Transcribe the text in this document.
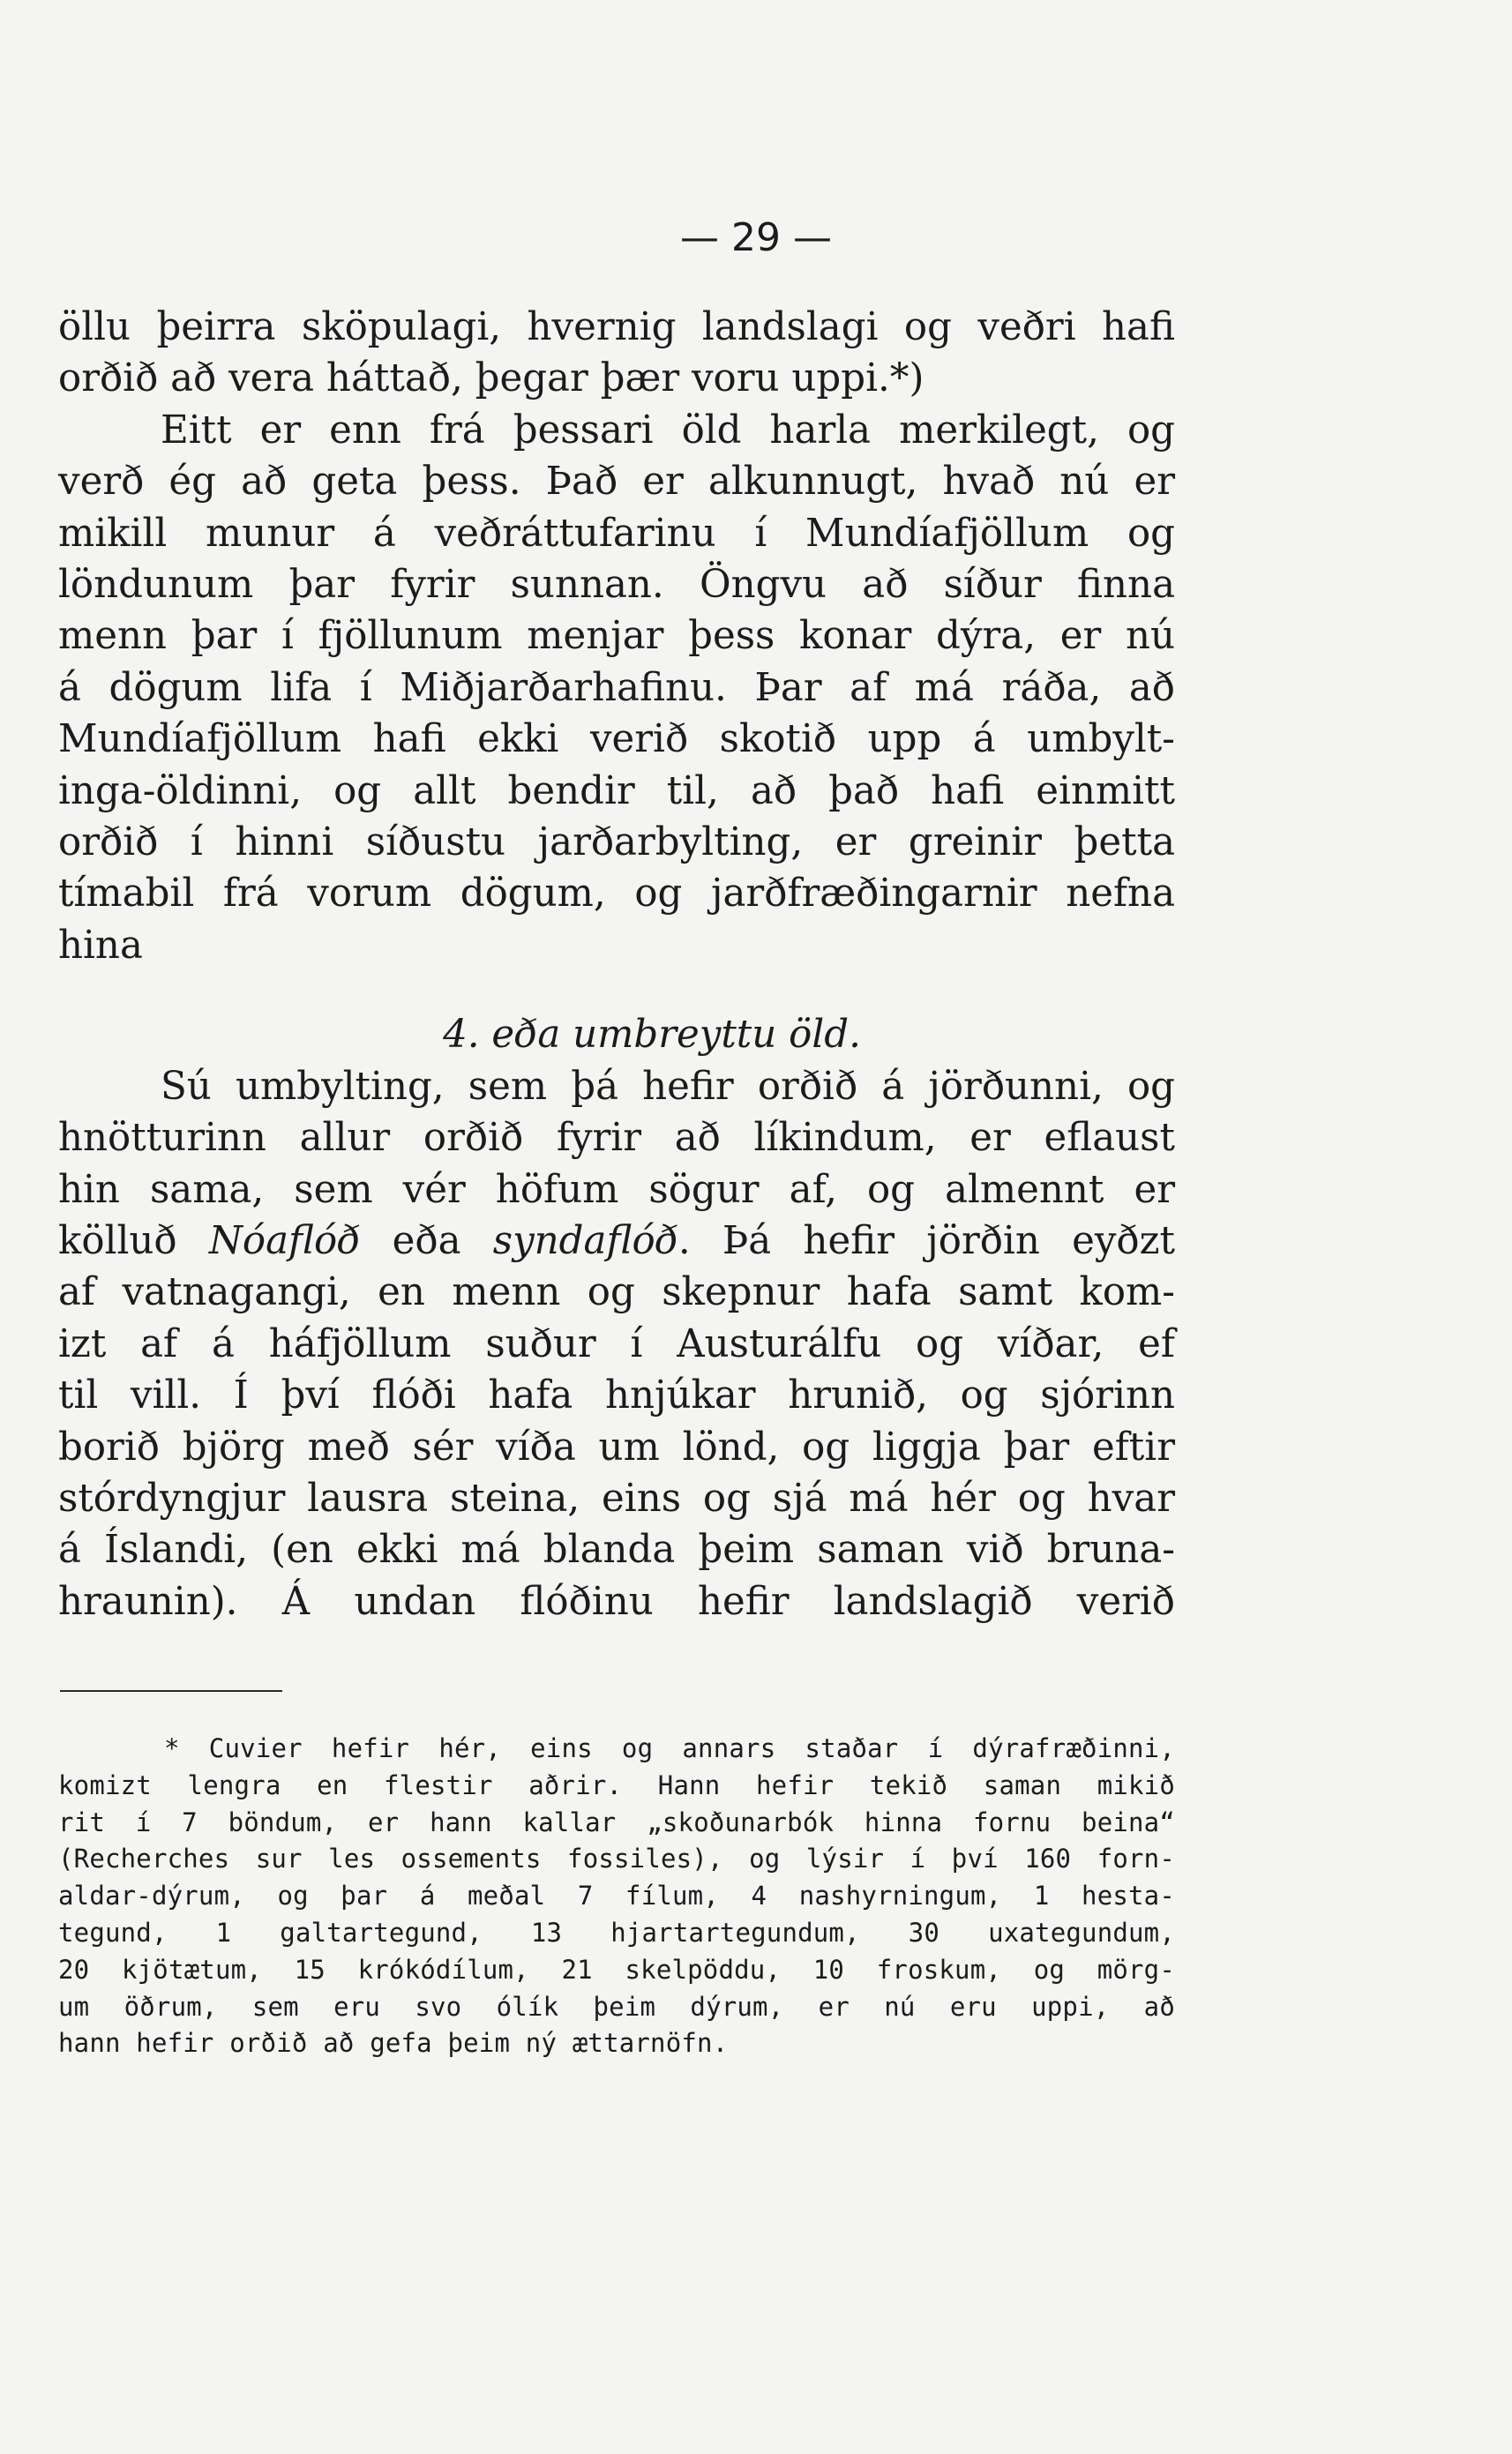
— 29 —
öllu þeirra sköpulagi, hvernig landslagi og veðri hafi
orðið að vera háttað, þegar þær voru uppi.*)
Eitt er enn frá þessari öld harla merkilegt, og
verð ég að geta þess. Það er alkunnugt, hvað nú er
mikill munur á veðráttufarinu í Mundíafjöllum og
löndunum þar fyrir sunnan. Öngvu að síður finna
menn þar í fjöllunum menjar þess konar dýra, er nú
á dögum lifa í Miðjarðarhafinu. Þar af má ráða, að
Mundíafjöllum hafi ekki verið skotið upp á umbylt-
inga-öldinni, og allt bendir til, að það hafi einmitt
orðið í hinni síðustu jarðarbylting, er greinir þetta
tímabil frá vorum dögum, og jarðfræðingarnir nefna
hina
4. eða umbreyttu öld.
Sú umbylting, sem þá hefir orðið á jörðunni, og
hnötturinn allur orðið fyrir að líkindum, er eflaust
hin sama, sem vér höfum sögur af, og almennt er
kölluð Nóaflóð eða syndaflóð. Þá hefir jörðin eyðzt
af vatnagangi, en menn og skepnur hafa samt kom-
izt af á háfjöllum suður í Austurálfu og víðar, ef
til vill. Í því flóði hafa hnjúkar hrunið, og sjórinn
borið björg með sér víða um lönd, og liggja þar eftir
stórdyngjur lausra steina, eins og sjá má hér og hvar
á Íslandi, (en ekki má blanda þeim saman við bruna-
hraunin). Á undan flóðinu hefir landslagið verið
* Cuvier hefir hér, eins og annars staðar í dýrafræðinni,
komizt lengra en flestir aðrir. Hann hefir tekið saman mikið
rit í 7 böndum, er hann kallar „skoðunarbók hinna fornu beina“
(Recherches sur les ossements fossiles), og lýsir í því 160 forn-
aldar-dýrum, og þar á meðal 7 fílum, 4 nashyrningum, 1 hesta-
tegund, 1 galtartegund, 13 hjartartegundum, 30 uxategundum,
20 kjötætum, 15 krókódílum, 21 skelpöddu, 10 froskum, og mörg-
um öðrum, sem eru svo ólík þeim dýrum, er nú eru uppi, að
hann hefir orðið að gefa þeim ný ættarnöfn.
